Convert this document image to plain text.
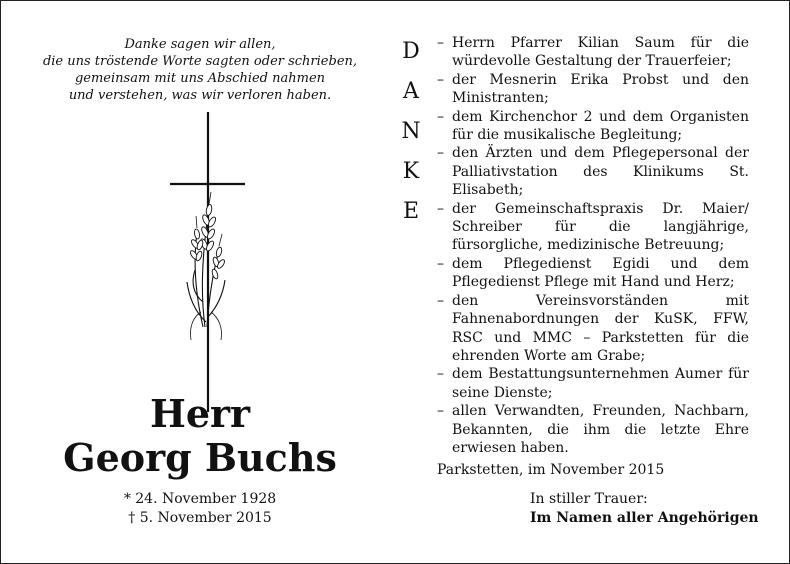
Danke sagen wir allen,
die uns tröstende Worte sagten oder schrieben,
gemeinsam mit uns Abschied nahmen
und verstehen, was wir verloren haben.
Herr
Georg Buchs
* 24. November 1928
† 5. November 2015
D
A
N
K
E
– Herrn Pfarrer Kilian Saum für die würdevolle Gestaltung der Trauerfeier;
– der Mesnerin Erika Probst und den Ministranten;
– dem Kirchenchor 2 und dem Organisten für die musikalische Begleitung;
– den Ärzten und dem Pflegepersonal der Palliativstation des Klinikums St. Elisabeth;
– der Gemeinschaftspraxis Dr. Maier/ Schreiber für die langjährige, fürsorgliche, medizinische Betreuung;
– dem Pflegedienst Egidi und dem Pflegedienst Pflege mit Hand und Herz;
– den Vereinsvorständen mit Fahnenabordnungen der KuSK, FFW, RSC und MMC – Parkstetten für die ehrenden Worte am Grabe;
– dem Bestattungsunternehmen Aumer für seine Dienste;
– allen Verwandten, Freunden, Nachbarn, Bekannten, die ihm die letzte Ehre erwiesen haben.
Parkstetten, im November 2015
In stiller Trauer:
Im Namen aller Angehörigen
